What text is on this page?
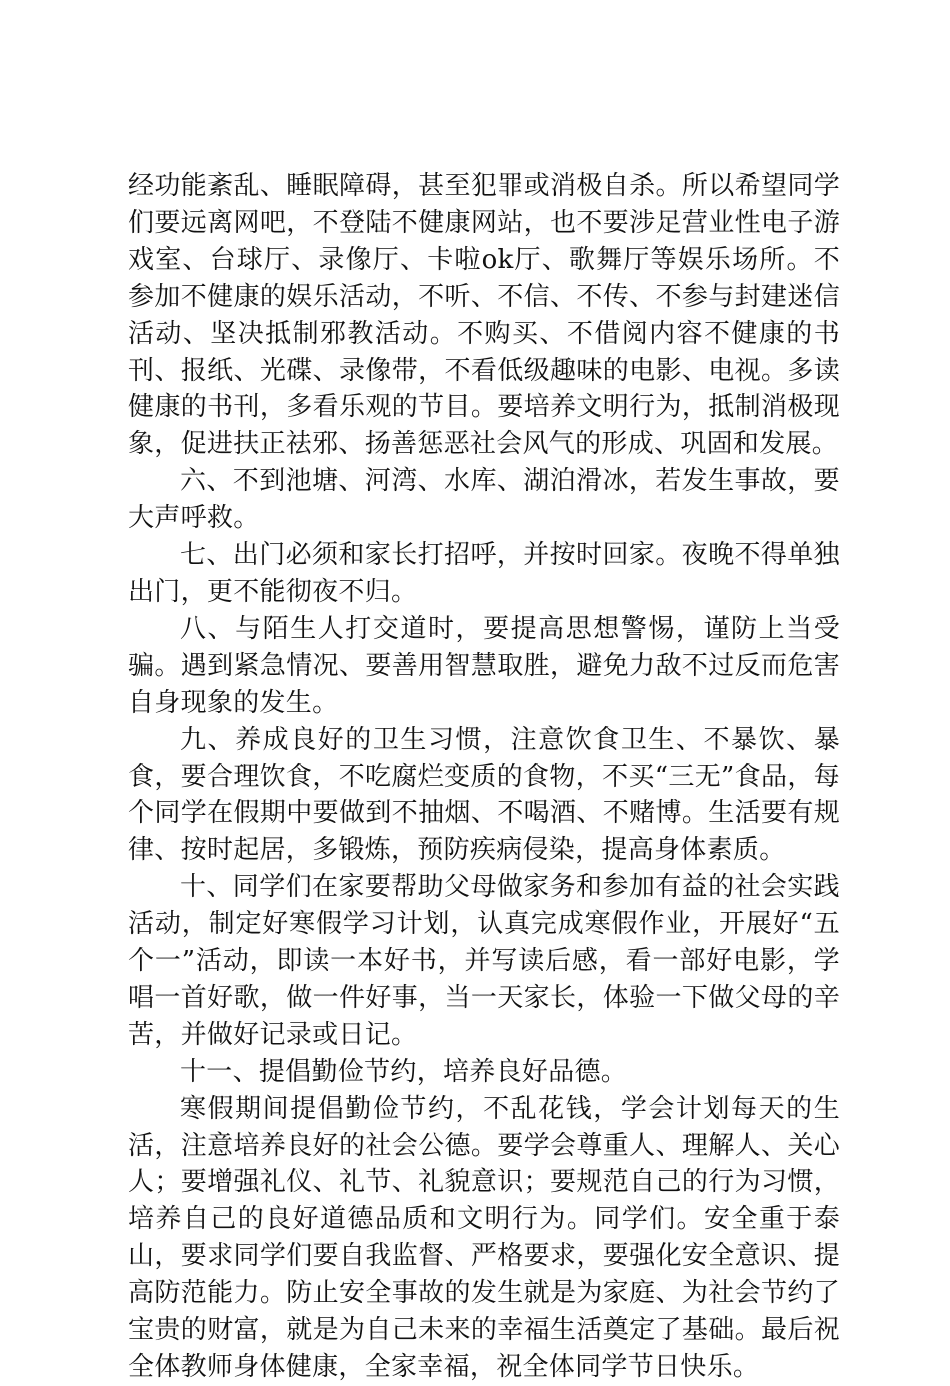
经功能紊乱、睡眠障碍，甚至犯罪或消极自杀。所以希望同学们要远离网吧，不登陆不健康网站，也不要涉足营业性电子游戏室、台球厅、录像厅、卡啦ok厅、歌舞厅等娱乐场所。不参加不健康的娱乐活动，不听、不信、不传、不参与封建迷信活动、坚决抵制邪教活动。不购买、不借阅内容不健康的书刊、报纸、光碟、录像带，不看低级趣味的电影、电视。多读健康的书刊，多看乐观的节目。要培养文明行为，抵制消极现象，促进扶正祛邪、扬善惩恶社会风气的形成、巩固和发展。

六、不到池塘、河湾、水库、湖泊滑冰，若发生事故，要大声呼救。

七、出门必须和家长打招呼，并按时回家。夜晚不得单独出门，更不能彻夜不归。

八、与陌生人打交道时，要提高思想警惕，谨防上当受骗。遇到紧急情况、要善用智慧取胜，避免力敌不过反而危害自身现象的发生。

九、养成良好的卫生习惯，注意饮食卫生、不暴饮、暴食，要合理饮食，不吃腐烂变质的食物，不买“三无”食品，每个同学在假期中要做到不抽烟、不喝酒、不赌博。生活要有规律、按时起居，多锻炼，预防疾病侵染，提高身体素质。

十、同学们在家要帮助父母做家务和参加有益的社会实践活动，制定好寒假学习计划，认真完成寒假作业，开展好“五个一”活动，即读一本好书，并写读后感，看一部好电影，学唱一首好歌，做一件好事，当一天家长，体验一下做父母的辛苦，并做好记录或日记。

十一、提倡勤俭节约，培养良好品德。

寒假期间提倡勤俭节约，不乱花钱，学会计划每天的生活，注意培养良好的社会公德。要学会尊重人、理解人、关心人；要增强礼仪、礼节、礼貌意识；要规范自己的行为习惯，培养自己的良好道德品质和文明行为。同学们。安全重于泰山，要求同学们要自我监督、严格要求，要强化安全意识、提高防范能力。防止安全事故的发生就是为家庭、为社会节约了宝贵的财富，就是为自己未来的幸福生活奠定了基础。最后祝全体教师身体健康，全家幸福，祝全体同学节日快乐。
